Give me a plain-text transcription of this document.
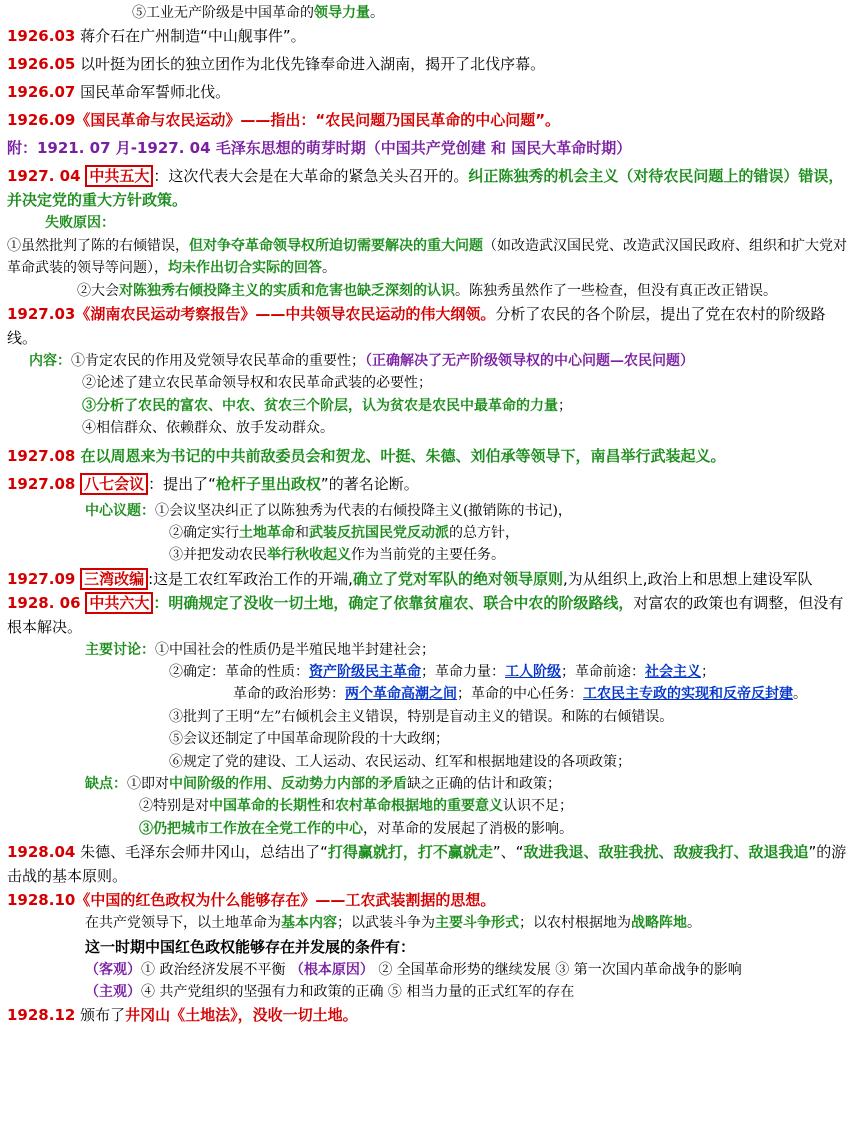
⑤工业无产阶级是中国革命的领导力量。

1926.03 蒋介石在广州制造“中山舰事件”。

1926.05 以叶挺为团长的独立团作为北伐先锋奉命进入湖南，揭开了北伐序幕。

1926.07 国民革命军誓师北伐。

1926.09《国民革命与农民运动》——指出：“农民问题乃国民革命的中心问题”。

附：1921. 07 月-1927. 04 毛泽东思想的萌芽时期（中国共产党创建 和 国民大革命时期）

1927. 04 中共五大 ：这次代表大会是在大革命的紧急关头召开的。纠正陈独秀的机会主义（对待农民问题上的错误）错误，并决定党的重大方针政策。

失败原因：

①虽然批判了陈的右倾错误，但对争夺革命领导权所迫切需要解决的重大问题（如改造武汉国民党、改造武汉国民政府、组织和扩大党对革命武装的领导等问题），均未作出切合实际的回答。

②大会对陈独秀右倾投降主义的实质和危害也缺乏深刻的认识。陈独秀虽然作了一些检查，但没有真正改正错误。

1927.03《湖南农民运动考察报告》——中共领导农民运动的伟大纲领。分析了农民的各个阶层，提出了党在农村的阶级路线。

内容：①肯定农民的作用及党领导农民革命的重要性；（正确解决了无产阶级领导权的中心问题—农民问题）

②论述了建立农民革命领导权和农民革命武装的必要性；

③分析了农民的富农、中农、贫农三个阶层，认为贫农是农民中最革命的力量；

④相信群众、依赖群众、放手发动群众。

1927.08 在以周恩来为书记的中共前敌委员会和贺龙、叶挺、朱德、刘伯承等领导下，南昌举行武装起义。

1927.08 八七会议 ：提出了“枪杆子里出政权”的著名论断。

中心议题：①会议坚决纠正了以陈独秀为代表的右倾投降主义(撤销陈的书记)，

②确定实行土地革命和武装反抗国民党反动派的总方针，

③并把发动农民举行秋收起义作为当前党的主要任务。

1927.09 三湾改编 :这是工农红军政治工作的开端,确立了党对军队的绝对领导原则,为从组织上,政治上和思想上建设军队

1928. 06 中共六大 ：明确规定了没收一切土地，确定了依靠贫雇农、联合中农的阶级路线，对富农的政策也有调整，但没有根本解决。

主要讨论：①中国社会的性质仍是半殖民地半封建社会；

②确定：革命的性质：资产阶级民主革命；革命力量：工人阶级；革命前途：社会主义；

革命的政治形势：两个革命高潮之间；革命的中心任务：工农民主专政的实现和反帝反封建。

③批判了王明“左”右倾机会主义错误，特别是盲动主义的错误。和陈的右倾错误。

⑤会议还制定了中国革命现阶段的十大政纲；

⑥规定了党的建设、工人运动、农民运动、红军和根据地建设的各项政策；

缺点：①即对中间阶级的作用、反动势力内部的矛盾缺之正确的估计和政策；

②特别是对中国革命的长期性和农村革命根据地的重要意义认识不足；

③仍把城市工作放在全党工作的中心，对革命的发展起了消极的影响。

1928.04 朱德、毛泽东会师井冈山，总结出了“打得赢就打，打不赢就走”、“敌进我退、敌驻我扰、敌疲我打、敌退我追”的游击战的基本原则。

1928.10《中国的红色政权为什么能够存在》——工农武装割据的思想。

在共产党领导下，以土地革命为基本内容；以武装斗争为主要斗争形式；以农村根据地为战略阵地。

这一时期中国红色政权能够存在并发展的条件有：

（客观）① 政治经济发展不平衡 （根本原因） ② 全国革命形势的继续发展 ③ 第一次国内革命战争的影响

（主观）④ 共产党组织的坚强有力和政策的正确 ⑤ 相当力量的正式红军的存在

1928.12 颁布了井冈山《土地法》，没收一切土地。
